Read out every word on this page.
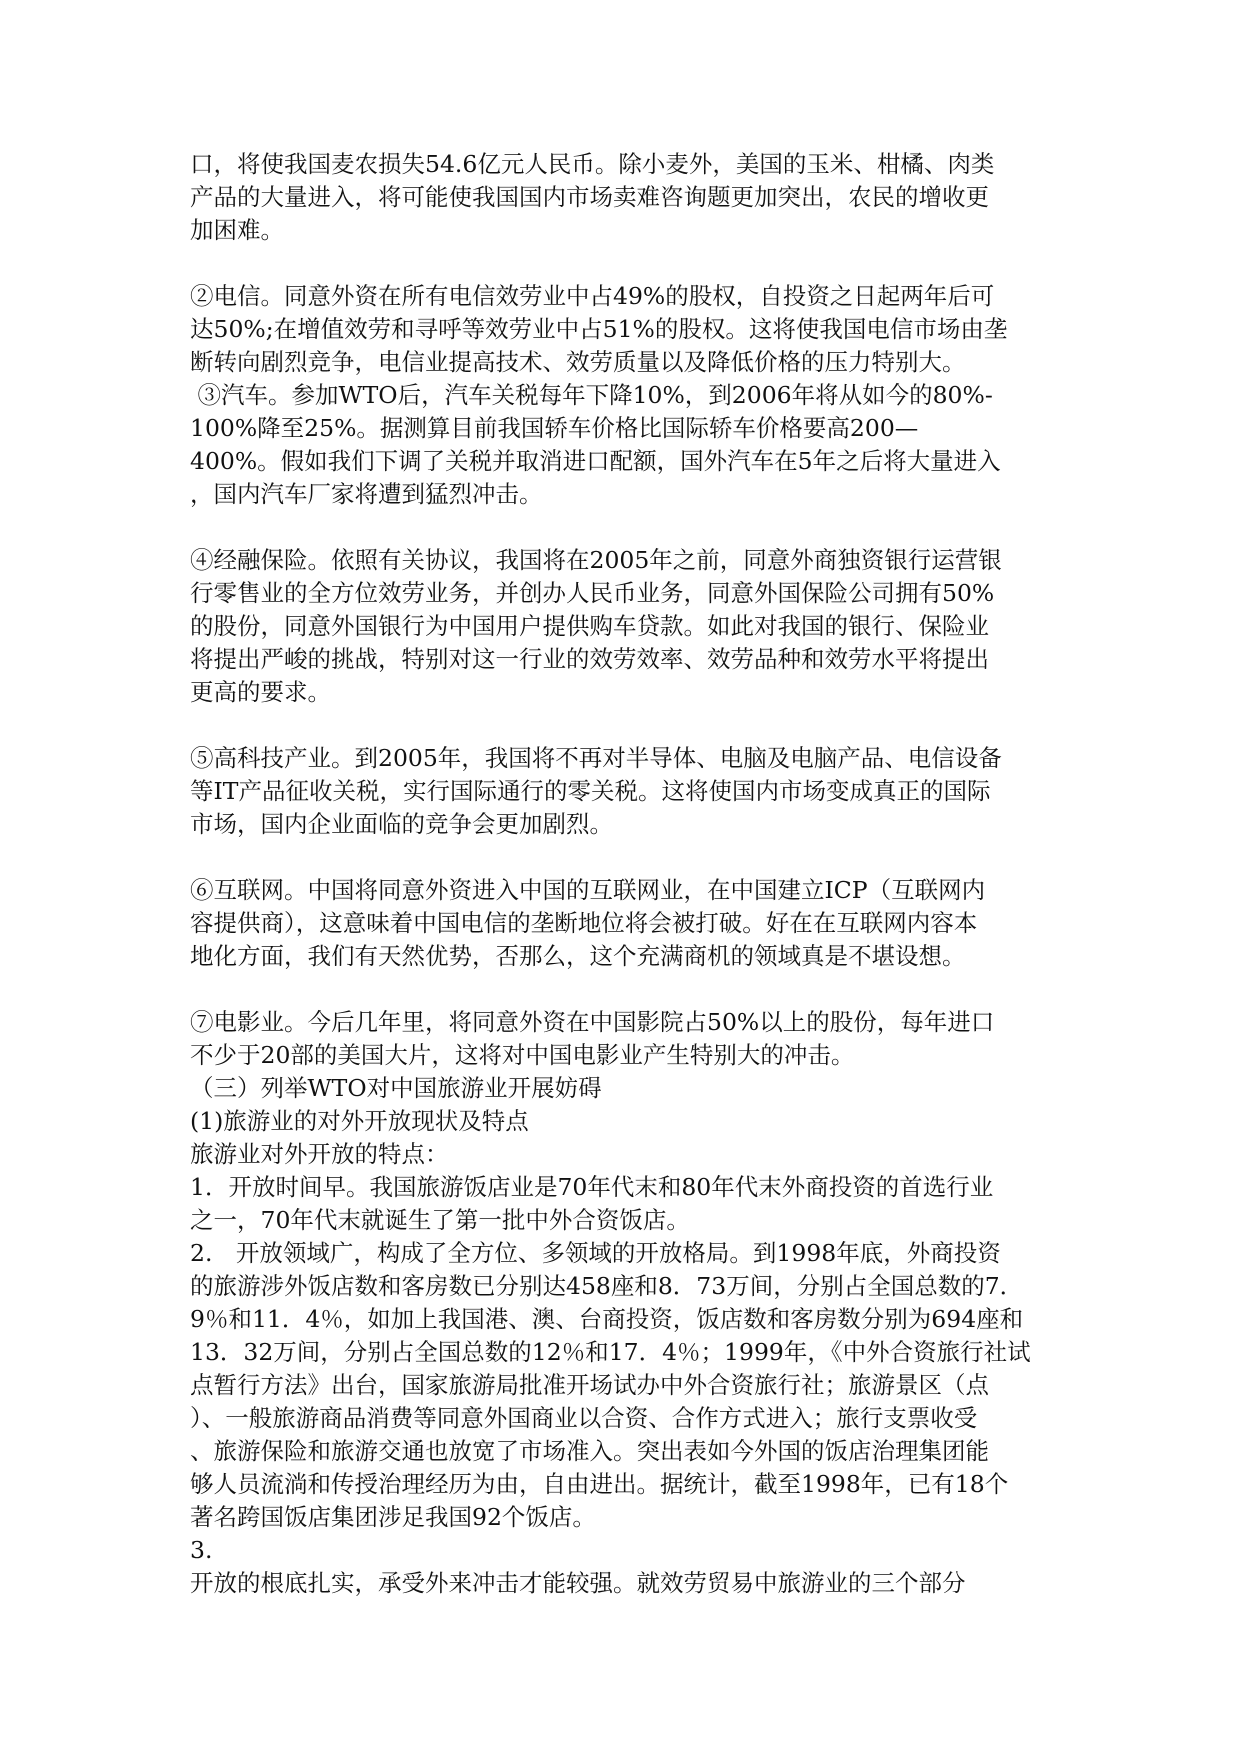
口，将使我国麦农损失54.6亿元人民币。除小麦外，美国的玉米、柑橘、肉类
产品的大量进入，将可能使我国国内市场卖难咨询题更加突出，农民的增收更
加困难。
②电信。同意外资在所有电信效劳业中占49%的股权，自投资之日起两年后可
达50%;在增值效劳和寻呼等效劳业中占51%的股权。这将使我国电信市场由垄
断转向剧烈竞争，电信业提高技术、效劳质量以及降低价格的压力特别大。
③汽车。参加WTO后，汽车关税每年下降10%，到2006年将从如今的80%-
100%降至25%。据测算目前我国轿车价格比国际轿车价格要高200—
400%。假如我们下调了关税并取消进口配额，国外汽车在5年之后将大量进入
，国内汽车厂家将遭到猛烈冲击。
④经融保险。依照有关协议，我国将在2005年之前，同意外商独资银行运营银
行零售业的全方位效劳业务，并创办人民币业务，同意外国保险公司拥有50%
的股份，同意外国银行为中国用户提供购车贷款。如此对我国的银行、保险业
将提出严峻的挑战，特别对这一行业的效劳效率、效劳品种和效劳水平将提出
更高的要求。
⑤高科技产业。到2005年，我国将不再对半导体、电脑及电脑产品、电信设备
等IT产品征收关税，实行国际通行的零关税。这将使国内市场变成真正的国际
市场，国内企业面临的竞争会更加剧烈。
⑥互联网。中国将同意外资进入中国的互联网业，在中国建立ICP（互联网内
容提供商），这意味着中国电信的垄断地位将会被打破。好在在互联网内容本
地化方面，我们有天然优势，否那么，这个充满商机的领域真是不堪设想。
⑦电影业。今后几年里，将同意外资在中国影院占50%以上的股份，每年进口
不少于20部的美国大片，这将对中国电影业产生特别大的冲击。
（三）列举WTO对中国旅游业开展妨碍
(1)旅游业的对外开放现状及特点
旅游业对外开放的特点：
1．开放时间早。我国旅游饭店业是70年代末和80年代末外商投资的首选行业
之一，70年代末就诞生了第一批中外合资饭店。
2.　开放领域广，构成了全方位、多领域的开放格局。到1998年底，外商投资
的旅游涉外饭店数和客房数已分别达458座和8．73万间，分别占全国总数的7．
9％和11．4％，如加上我国港、澳、台商投资，饭店数和客房数分别为694座和
13．32万间，分别占全国总数的12％和17．4％；1999年，《中外合资旅行社试
点暂行方法》出台，国家旅游局批准开场试办中外合资旅行社；旅游景区（点
）、一般旅游商品消费等同意外国商业以合资、合作方式进入；旅行支票收受
、旅游保险和旅游交通也放宽了市场准入。突出表如今外国的饭店治理集团能
够人员流淌和传授治理经历为由，自由进出。据统计，截至1998年，已有18个
著名跨国饭店集团涉足我国92个饭店。
3.
开放的根底扎实，承受外来冲击才能较强。就效劳贸易中旅游业的三个部分
